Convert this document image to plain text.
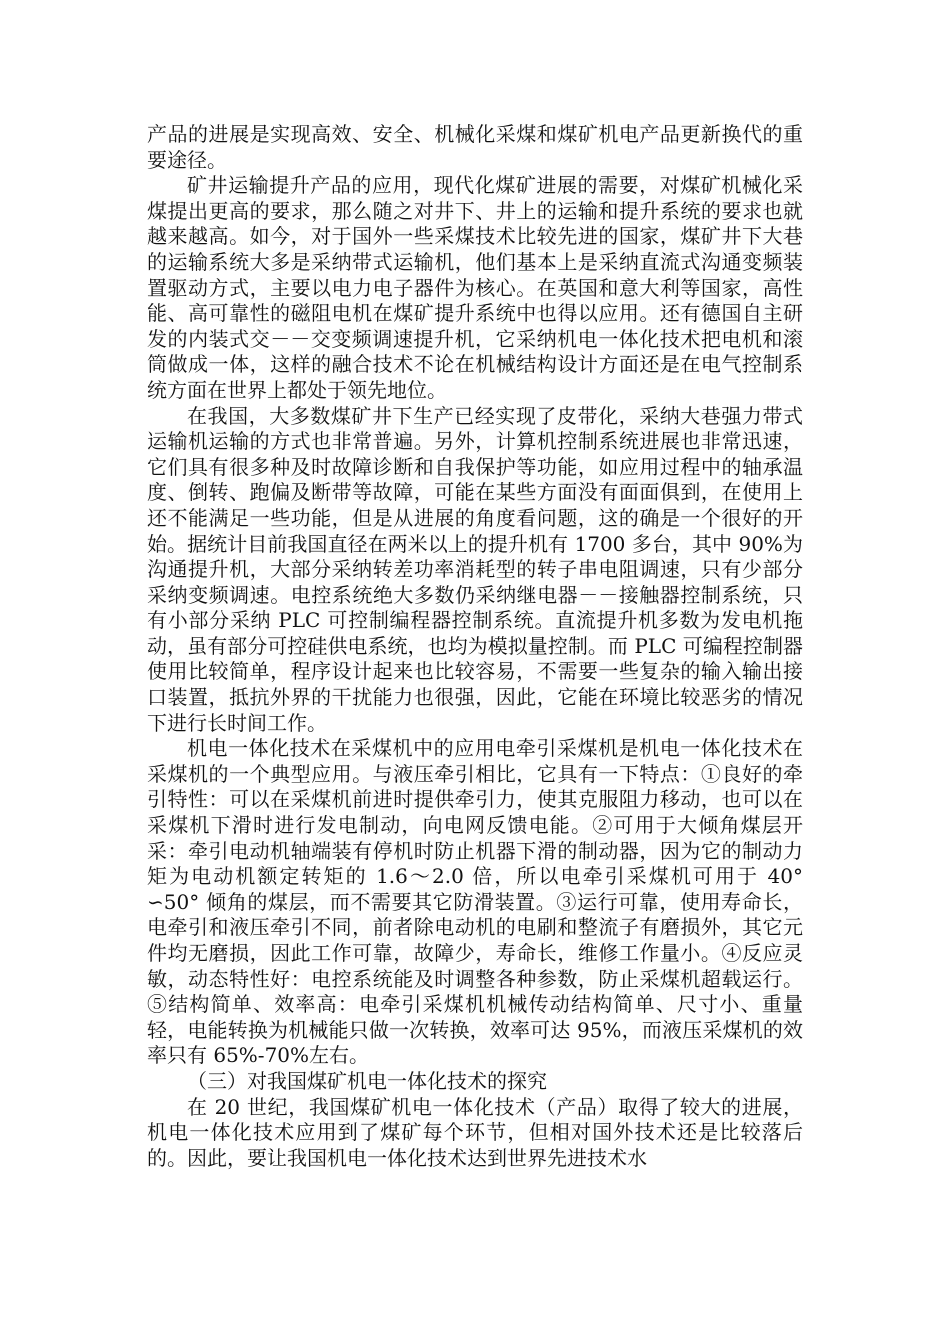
产品的进展是实现高效、安全、机械化采煤和煤矿机电产品更新换代的重要途径。

矿井运输提升产品的应用，现代化煤矿进展的需要，对煤矿机械化采煤提出更高的要求，那么随之对井下、井上的运输和提升系统的要求也就越来越高。如今，对于国外一些采煤技术比较先进的国家，煤矿井下大巷的运输系统大多是采纳带式运输机，他们基本上是采纳直流式沟通变频装置驱动方式，主要以电力电子器件为核心。在英国和意大利等国家，高性能、高可靠性的磁阻电机在煤矿提升系统中也得以应用。还有德国自主研发的内装式交－－交变频调速提升机，它采纳机电一体化技术把电机和滚筒做成一体，这样的融合技术不论在机械结构设计方面还是在电气控制系统方面在世界上都处于领先地位。

在我国，大多数煤矿井下生产已经实现了皮带化，采纳大巷强力带式运输机运输的方式也非常普遍。另外，计算机控制系统进展也非常迅速，它们具有很多种及时故障诊断和自我保护等功能，如应用过程中的轴承温度、倒转、跑偏及断带等故障，可能在某些方面没有面面俱到，在使用上还不能满足一些功能，但是从进展的角度看问题，这的确是一个很好的开始。据统计目前我国直径在两米以上的提升机有 1700 多台，其中 90%为沟通提升机，大部分采纳转差功率消耗型的转子串电阻调速，只有少部分采纳变频调速。电控系统绝大多数仍采纳继电器－－接触器控制系统，只有小部分采纳 PLC 可控制编程器控制系统。直流提升机多数为发电机拖动，虽有部分可控硅供电系统，也均为模拟量控制。而 PLC 可编程控制器使用比较简单，程序设计起来也比较容易，不需要一些复杂的输入输出接口装置，抵抗外界的干扰能力也很强，因此，它能在环境比较恶劣的情况下进行长时间工作。

机电一体化技术在采煤机中的应用电牵引采煤机是机电一体化技术在采煤机的一个典型应用。与液压牵引相比，它具有一下特点：①良好的牵引特性：可以在采煤机前进时提供牵引力，使其克服阻力移动，也可以在采煤机下滑时进行发电制动，向电网反馈电能。②可用于大倾角煤层开采：牵引电动机轴端装有停机时防止机器下滑的制动器，因为它的制动力矩为电动机额定转矩的 1.6～2.0 倍，所以电牵引采煤机可用于 40° ∽50° 倾角的煤层，而不需要其它防滑装置。③运行可靠，使用寿命长，电牵引和液压牵引不同，前者除电动机的电刷和整流子有磨损外，其它元件均无磨损，因此工作可靠，故障少，寿命长，维修工作量小。④反应灵敏，动态特性好：电控系统能及时调整各种参数，防止采煤机超载运行。⑤结构简单、效率高：电牵引采煤机机械传动结构简单、尺寸小、重量轻，电能转换为机械能只做一次转换，效率可达 95%，而液压采煤机的效率只有 65%-70%左右。

（三）对我国煤矿机电一体化技术的探究

在 20 世纪，我国煤矿机电一体化技术（产品）取得了较大的进展，机电一体化技术应用到了煤矿每个环节，但相对国外技术还是比较落后的。因此，要让我国机电一体化技术达到世界先进技术水
